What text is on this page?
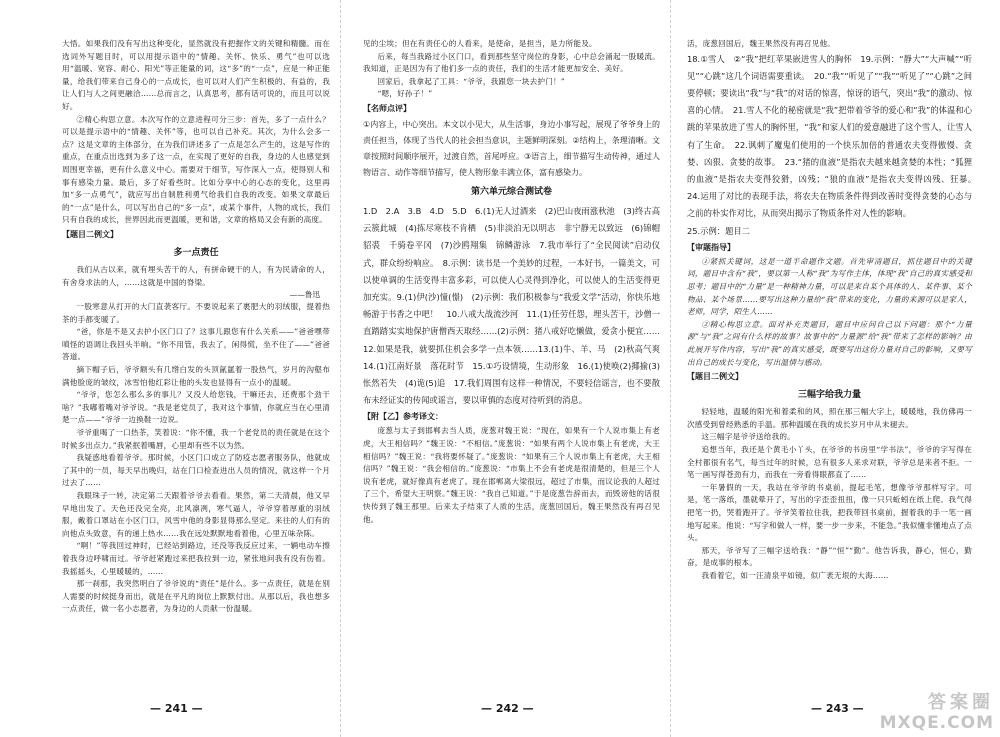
大悟。如果我们没有写出这种变化，显然就没有把握作文的关键和精髓。而在选词外写题目时，可以用提示语中的“情趣、关怀、快乐、勇气”也可以选用“温暖、宽容、耐心、阳光”等正能量的词，这“多”的“一点”，应是一种正能量，给我们带来自己身心的一点成长，也可以对人们产生积极的、有益的，我让人们与人之间更融洽……总而言之，认真思考，都有话可说的，而且可以说好。

②精心构思立意。本次写作的立意进程可分三步：首先，多了一点什么？可以是提示语中的“情趣、关怀”等，也可以自己补充。其次，为什么会多一点？这是文章的主体部分，在为我们讲述多了一点是怎么产生的，这是写作的重点，在重点出选到为多了这一点，在实现了更好的自我，身边的人也感觉到周围更幸福，更有什么意义中心。需要对于细节，写作深入一点，使得别人和事有感染力量。最后，多了好看些时。比如分享中心的心态的变化，这里再加“多一点勇气”，就应写出自制胜利勇气给我们自我的改变。如果文章最后的“一点”是什么，可以写出自己的“多一点”，或某个事件，人物的成长，我们只有自我的成长，世界因此而更温暖，更和谐，文章的格局又会有新的高度。

【题目二例文】
多一点责任

我们从古以来，就有埋头苦干的人，有拼命硬干的人，有为民请命的人，有舍身求法的人，……这就是中国的脊梁。

——鲁迅

一股寒意从打开的大门直袭客厅。不要说起来了裹肥大的羽绒服，提着热茶的手都变暖了。

“爸，你是不是又去护小区门口了？这事儿跟您有什么关系——”爸爸嘿带嗔怪的语调让我回头半晌。“你不用管，我去了，闲得慌，坐不住了——”爸爸答道。

摘下帽子后，爷爷额头有几绺白发的头顶氤氲着一股热气，岁月的沟壑布满他脸庞的皱纹，冰雪怕他红彩让他的头发也显得有一点小的温暖。

“爷爷，您怎么那么多的事儿？又没人给您钱，干嘛还去，还费那个劲干啥？”我嘟着嘴对爷爷说。“我是老党员了，我对这个事情，你就应当在心里清楚一点——”爷爷一边换鞋一边说。

爷爷重喝了一口热茶，笑着说：“你不懂，我一个老党员的责任就是在这个时候多出点力。”我紧抿着嘴唇，心里却有些不以为然。

我疑惑地看着爷爷。那时候，小区门口成立了防疫志愿者服务队，他就成了其中的一员，每天早出晚归，站在门口检查进出人员的情况，就这样一个月过去了……

我眼珠子一转，决定第二天跟着爷爷去看看。果然，第二天清晨，他又早早地出发了。天色还没完全亮，北风凛冽，寒气逼人，爷爷穿着厚重的羽绒服，戴着口罩站在小区门口，风雪中他的身影显得那么坚定。来往的人们有的向他点头致意，有的递上热水……我在远处默默地看着他，心里五味杂陈。

“啊！”等我回过神时，已经站到路边，还没等我反应过来，一辆电动车擦着我身边呼啸而过。爷爷赶紧跑过来把我拉到一边，紧张地问我有没有伤着。我摇摇头，心里暖暖的，……

那一刹那，我突然明白了爷爷说的“责任”是什么。多一点责任，就是在别人需要的时候挺身而出，就是在平凡的岗位上默默付出。从那以后，我也想多一点责任，做一名小志愿者，为身边的人贡献一份温暖。

— 241 —

见的尘埃；但在有责任心的人看来，是使命，是担当，是力所能及。

后来，每当我路过小区门口，看到那些坚守岗位的身影，心中总会涌起一股暖流。我知道，正是因为有了他们多一点的责任，我们的生活才能更加安全、美好。

回家后，我拿起了工具：“爷爷，我跟您一块去护门！”

“嗯，好孙子！”

【名师点评】

①内容上，中心突出。本文以小见大，从生活事，身边小事写起，展现了爷爷身上的责任担当，体现了当代人的社会担当意识，主题鲜明深刻。②结构上，条理清晰。文章按照时间顺序展开，过渡自然，首尾呼应。③语言上，细节描写生动传神，通过人物语言、动作等细节描写，使人物形象丰满立体，富有感染力。

第六单元综合测试卷

1.D　2.A　3.B　4.D　5.D　6.(1)无人过酒来　(2)巴山夜雨涨秋池　(3)终古高云簇此城　(4)拣尽寒枝不肯栖　(5)非淡泊无以明志　非宁静无以致远　(6)锦帽貂裘　千骑卷平冈　(7)沙鸥翔集　锦鳞游泳　7.我市举行了“全民阅读”启动仪式，群众纷纷响应。　8.示例：读书是一个美妙的过程，一本好书，一篇美文，可以使单调的生活变得丰富多彩，可以使人心灵得到净化，可以使人的生活变得更加充实。9.(1)伊(沙)憧(憬)　(2)示例：我们积极参与“我爱文学”活动，你快乐地畅游于书香之中吧！　10.八戒大战流沙河　11.(1)任劳任怨，埋头苦干，沙僧一直踏踏实实地保护唐僧西天取经……(2)示例：猪八戒好吃懒做，爱贪小便宜……12.如果是我，就要抓住机会多学一点本领……13.(1)牛、羊、马　(2)秋高气爽　14.(1)江南好景　落花时节　15.①巧设情境，生动形象　16.(1)使唤(2)揶揄(3)怅然若失　(4)诡(5)追　17.我们周围有这样一种情况，不要轻信谣言，也不要散布未经证实的传闻或谣言，要以审慎的态度对待听到的消息。

【附【乙】参考译文：

庞葱与太子到邯郸去当人质，庞葱对魏王说：“现在，如果有一个人说市集上有老虎，大王相信吗？”魏王说：“不相信。”庞葱说：“如果有两个人说市集上有老虎，大王相信吗？”魏王说：“我将要怀疑了。”庞葱说：“如果有三个人说市集上有老虎，大王相信吗？”魏王说：“我会相信的。”庞葱说：“市集上不会有老虎是很清楚的，但是三个人说有老虎，就好像真有老虎了。现在邯郸离大梁很远，超过了市集，而议论我的人超过了三个，希望大王明察。”魏王说：“我自己知道。”于是庞葱告辞而去，而毁谤他的话很快传到了魏王那里。后来太子结束了人质的生活，庞葱回国后，魏王果然没有再召见他。

— 242 —

活，庞葱回国后，魏王果然没有再召见他。

18.①雪人　②“我”把红苹果嵌进雪人的胸怀　19.示例：“静大”“大声喊”“听见”“心跳”这几个词语需要重读。　20.“我”“听见了”“我”“听见了”“心跳”之间要停顿；要读出“我”与“我”的对话的惊喜，惊讶的语气，突出“我”的激动、惊喜的心情。　21.雪人不化的秘密就是“我”把带着爷爷的爱心和“我”的体温和心跳的苹果放进了雪人的胸怀里，“我”和家人们的爱意融进了这个雪人，让雪人有了生命。　22.讽刺了魔鬼们使用的一个快乐加倍的普通农夫变得傲慢、贪婪、凶狠、贪婪的故事。　23.“猪的血液”是指农夫越来越贪婪的本性；“狐狸的血液”是指农夫变得狡猾，凶残；“狼的血液”是指农夫变得凶残、狂暴。　24.运用了对比的表现手法，将农夫在物质条件得到改善时变得贪婪的心态与之前的朴实作对比，从而突出揭示了物质条件对人性的影响。

25.示例：题目二

【审题指导】

①紧抓关键词，这是一道半命题作文题。首先审清题目，抓住题目中的关键词，题目中含有“我”，要以第一人称“我”为写作主体，体现“我”自己的真实感受和思考；题目中的“力量”是一种精神力量，可以是来自某个具体的人、某件事、某个物品、某个场景……要写出这种力量给“我”带来的变化，力量的来源可以是家人，老师，同学，陌生人……

②精心构思立意。面对补充类题目，题目中应问自己以下问题：那个“力量源”与“我”之间有什么样的故事？故事中的“力量源”给“我”带来了怎样的影响？由此展开写作内容，写出“我”的真实感受，既要写出这份力量对自己的影响，又要写出自己的成长与变化，写出温情与感动。

【题目二例文】
三幅字给我力量

轻轻地，温暖的阳光和着柔和的风，照在那三幅大字上，暖暖地，我仿佛再一次感受到曾经熟悉的手温。那种温暖在我的成长岁月中从未褪去。

这三幅字是爷爷送给我的。

追想当年，我还是个黄毛小丫头，在爷爷的书房里“学书法”，爷爷的字写得在全村都很有名气，每当过年的时候，总有很多人来求对联，爷爷总是来者不拒。一笔一画写得苍劲有力，而我在一旁看得眼都直了……

一年暑假的一天，我站在爷爷的书桌前，提起毛笔，想像爷爷那样写字。可是，笔一落纸，墨就晕开了，写出的字歪歪扭扭，像一只只蚯蚓在纸上爬。我气得把笔一扔，哭着跑开了。爷爷笑着拉住我，把我带回书桌前，握着我的手一笔一画地写起来。他说：“写字和做人一样，要一步一步来，不能急。”我似懂非懂地点了点头。

那天，爷爷写了三幅字送给我：“静”“恒”“勤”。他告诉我，静心，恒心，勤奋，是成事的根本。

我看着它，如一汪清泉平如镜，似广袤无垠的大海……

— 243 —	答案圈
MXQE.COM
